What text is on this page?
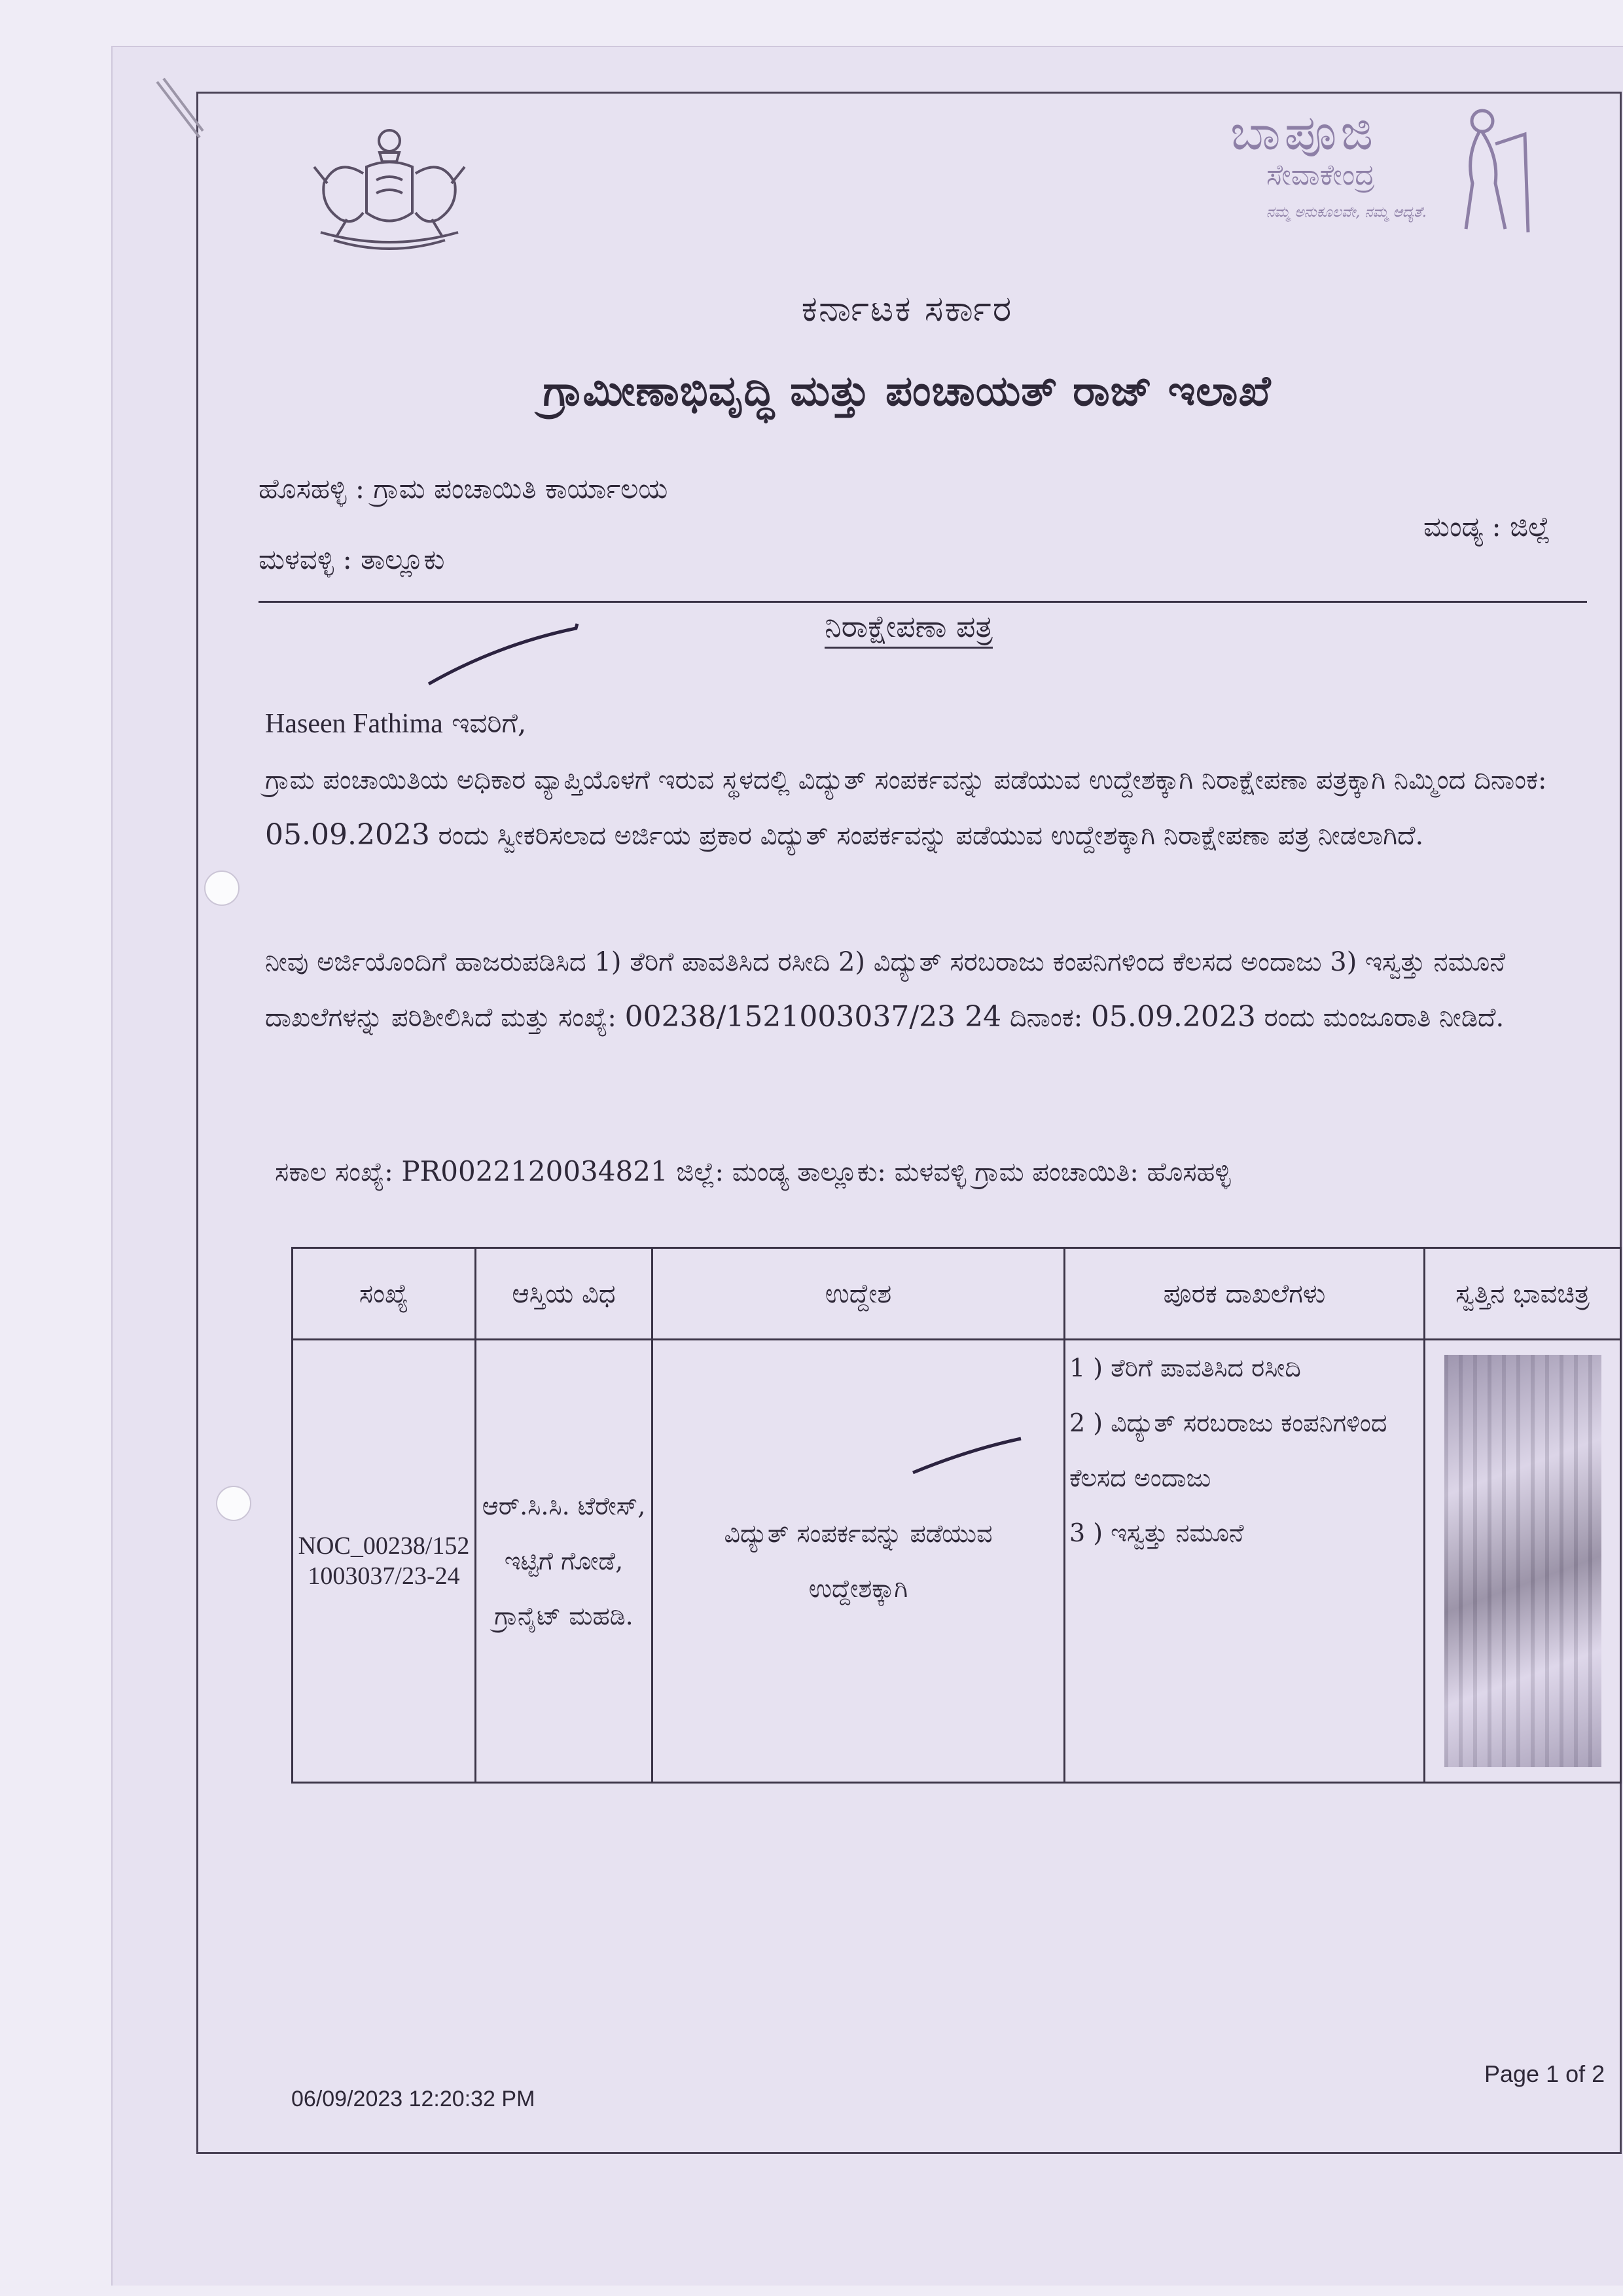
ಬಾಪೂಜಿ
ಸೇವಾಕೇಂದ್ರ
ನಮ್ಮ ಅನುಕೂಲವೇ, ನಮ್ಮ ಆದ್ಯತೆ.
ಕರ್ನಾಟಕ ಸರ್ಕಾರ
ಗ್ರಾಮೀಣಾಭಿವೃದ್ಧಿ ಮತ್ತು ಪಂಚಾಯತ್ ರಾಜ್ ಇಲಾಖೆ
ಹೊಸಹಳ್ಳಿ : ಗ್ರಾಮ ಪಂಚಾಯಿತಿ ಕಾರ್ಯಾಲಯ
ಮಳವಳ್ಳಿ : ತಾಲ್ಲೂಕು
ಮಂಡ್ಯ : ಜಿಲ್ಲೆ
ನಿರಾಕ್ಷೇಪಣಾ ಪತ್ರ
Haseen Fathima ಇವರಿಗೆ,
ಗ್ರಾಮ ಪಂಚಾಯಿತಿಯ ಅಧಿಕಾರ ವ್ಯಾಪ್ತಿಯೊಳಗೆ ಇರುವ ಸ್ಥಳದಲ್ಲಿ ವಿದ್ಯುತ್ ಸಂಪರ್ಕವನ್ನು ಪಡೆಯುವ ಉದ್ದೇಶಕ್ಕಾಗಿ ನಿರಾಕ್ಷೇಪಣಾ ಪತ್ರಕ್ಕಾಗಿ ನಿಮ್ಮಿಂದ ದಿನಾಂಕ: 05.09.2023 ರಂದು ಸ್ವೀಕರಿಸಲಾದ ಅರ್ಜಿಯ ಪ್ರಕಾರ ವಿದ್ಯುತ್ ಸಂಪರ್ಕವನ್ನು ಪಡೆಯುವ ಉದ್ದೇಶಕ್ಕಾಗಿ ನಿರಾಕ್ಷೇಪಣಾ ಪತ್ರ ನೀಡಲಾಗಿದೆ.
ನೀವು ಅರ್ಜಿಯೊಂದಿಗೆ ಹಾಜರುಪಡಿಸಿದ 1) ತೆರಿಗೆ ಪಾವತಿಸಿದ ರಸೀದಿ 2) ವಿದ್ಯುತ್ ಸರಬರಾಜು ಕಂಪನಿಗಳಿಂದ ಕೆಲಸದ ಅಂದಾಜು 3) ಇಸ್ವತ್ತು ನಮೂನೆ ದಾಖಲೆಗಳನ್ನು ಪರಿಶೀಲಿಸಿದೆ ಮತ್ತು ಸಂಖ್ಯೆ: 00238/1521003037/23 24 ದಿನಾಂಕ: 05.09.2023 ರಂದು ಮಂಜೂರಾತಿ ನೀಡಿದೆ.
ಸಕಾಲ ಸಂಖ್ಯೆ: PR0022120034821 ಜಿಲ್ಲೆ: ಮಂಡ್ಯ ತಾಲ್ಲೂಕು: ಮಳವಳ್ಳಿ ಗ್ರಾಮ ಪಂಚಾಯಿತಿ: ಹೊಸಹಳ್ಳಿ
ಸಂಖ್ಯೆ	ಆಸ್ತಿಯ ವಿಧ	ಉದ್ದೇಶ	ಪೂರಕ ದಾಖಲೆಗಳು	ಸ್ವತ್ತಿನ ಭಾವಚಿತ್ರ
NOC_00238/1521003037/23-24	ಆರ್.ಸಿ.ಸಿ. ಟೆರೇಸ್, ಇಟ್ಟಿಗೆ ಗೋಡೆ, ಗ್ರಾನೈಟ್ ಮಹಡಿ.	ವಿದ್ಯುತ್ ಸಂಪರ್ಕವನ್ನು ಪಡೆಯುವ ಉದ್ದೇಶಕ್ಕಾಗಿ	1 ) ತೆರಿಗೆ ಪಾವತಿಸಿದ ರಸೀದಿ
2 ) ವಿದ್ಯುತ್ ಸರಬರಾಜು ಕಂಪನಿಗಳಿಂದ ಕೆಲಸದ ಅಂದಾಜು
3 ) ಇಸ್ವತ್ತು ನಮೂನೆ	

06/09/2023 12:20:32 PM
Page 1 of 2
